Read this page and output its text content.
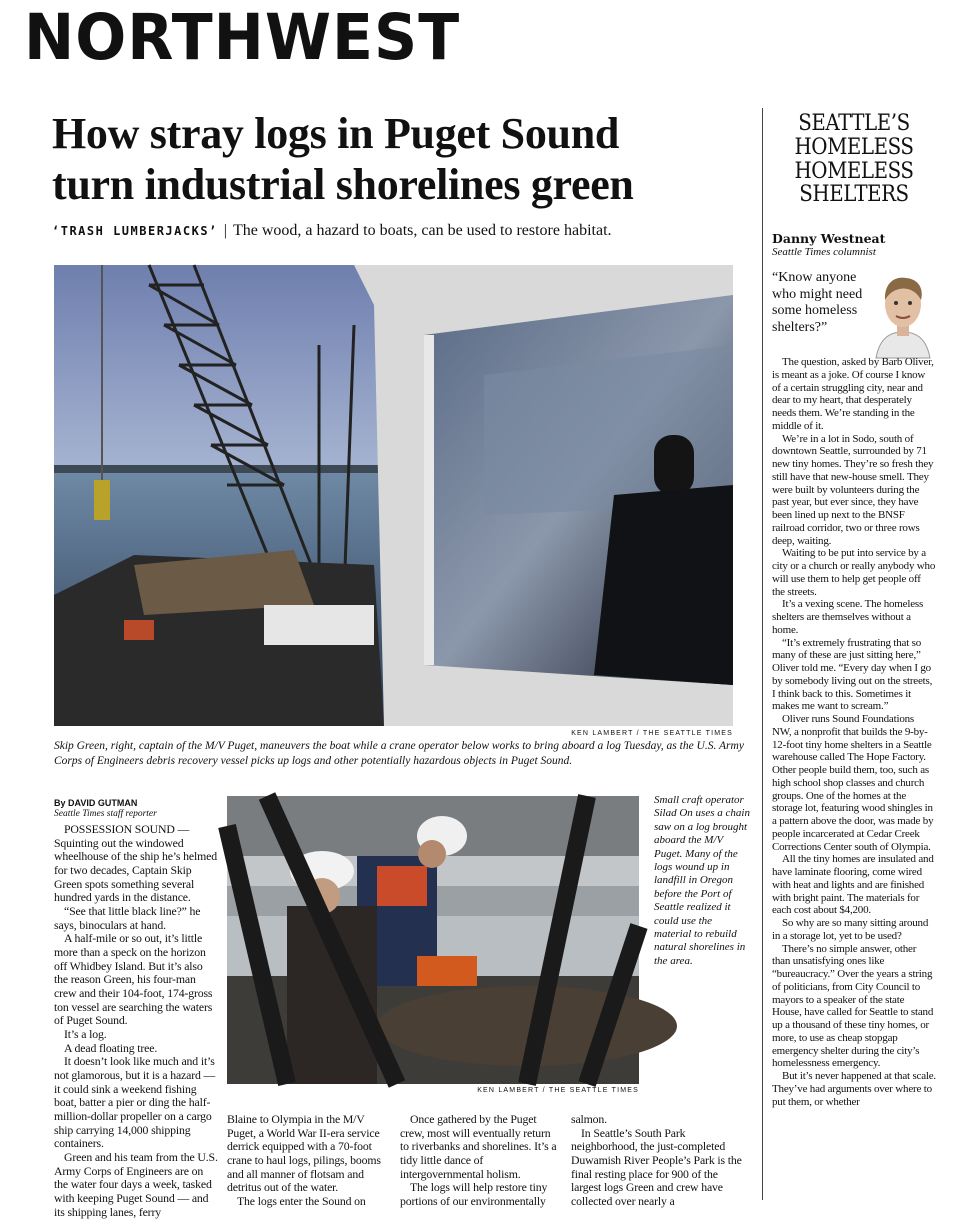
NORTHWEST
How stray logs in Puget Sound
turn industrial shorelines green
‘TRASH LUMBERJACKS’ | The wood, a hazard to boats, can be used to restore habitat.
KEN LAMBERT / THE SEATTLE TIMES
Skip Green, right, captain of the M/V Puget, maneuvers the boat while a crane operator below works to bring aboard a log Tuesday, as the U.S. Army Corps of Engineers debris recovery vessel picks up logs and other potentially hazardous objects in Puget Sound.
KEN LAMBERT / THE SEATTLE TIMES
Small craft operator Silad On uses a chain saw on a log brought aboard the M/V Puget. Many of the logs wound up in landfill in Oregon before the Port of Seattle realized it could use the material to rebuild natural shorelines in the area.
By DAVID GUTMAN
Seattle Times staff reporter

POSSESSION SOUND — Squinting out the windowed wheelhouse of the ship he’s helmed for two decades, Captain Skip Green spots something several hundred yards in the distance.

“See that little black line?” he says, binoculars at hand.

A half-mile or so out, it’s little more than a speck on the horizon off Whidbey Island. But it’s also the reason Green, his four-man crew and their 104-foot, 174-gross ton vessel are searching the waters of Puget Sound.

It’s a log.

A dead floating tree.

It doesn’t look like much and it’s not glamorous, but it is a hazard — it could sink a weekend fishing boat, batter a pier or ding the half-million-dollar propeller on a cargo ship carrying 14,000 shipping containers.

Green and his team from the U.S. Army Corps of Engineers are on the water four days a week, tasked with keeping Puget Sound — and its shipping lanes, ferry

Blaine to Olympia in the M/V Puget, a World War II-era service derrick equipped with a 70-foot crane to haul logs, pilings, booms and all manner of flotsam and detritus out of the water.

The logs enter the Sound on

Once gathered by the Puget crew, most will eventually return to riverbanks and shorelines. It’s a tidy little dance of intergovernmental holism.

The logs will help restore tiny portions of our environmentally

salmon.

In Seattle’s South Park neighborhood, the just-completed Duwamish River People’s Park is the final resting place for 900 of the largest logs Green and crew have collected over nearly a

SEATTLE’S
HOMELESS
HOMELESS
SHELTERS
Danny Westneat
Seattle Times columnist
“Know anyone who might need some homeless shelters?”

The question, asked by Barb Oliver, is meant as a joke. Of course I know of a certain struggling city, near and dear to my heart, that desperately needs them. We’re standing in the middle of it.

We’re in a lot in Sodo, south of downtown Seattle, surrounded by 71 new tiny homes. They’re so fresh they still have that new-house smell. They were built by volunteers during the past year, but ever since, they have been lined up next to the BNSF railroad corridor, two or three rows deep, waiting.

Waiting to be put into service by a city or a church or really anybody who will use them to help get people off the streets.

It’s a vexing scene. The homeless shelters are themselves without a home.

“It’s extremely frustrating that so many of these are just sitting here,” Oliver told me. “Every day when I go by somebody living out on the streets, I think back to this. Sometimes it makes me want to scream.”

Oliver runs Sound Foundations NW, a nonprofit that builds the 9-by-12-foot tiny home shelters in a Seattle warehouse called The Hope Factory. Other people build them, too, such as high school shop classes and church groups. One of the homes at the storage lot, featuring wood shingles in a pattern above the door, was made by people incarcerated at Cedar Creek Corrections Center south of Olympia.

All the tiny homes are insulated and have laminate flooring, come wired with heat and lights and are finished with bright paint. The materials for each cost about $4,200.

So why are so many sitting around in a storage lot, yet to be used?

There’s no simple answer, other than unsatisfying ones like “bureaucracy.” Over the years a string of politicians, from City Council to mayors to a speaker of the state House, have called for Seattle to stand up a thousand of these tiny homes, or more, to use as cheap stopgap emergency shelter during the city’s homelessness emergency.

But it’s never happened at that scale. They’ve had arguments over where to put them, or whether
